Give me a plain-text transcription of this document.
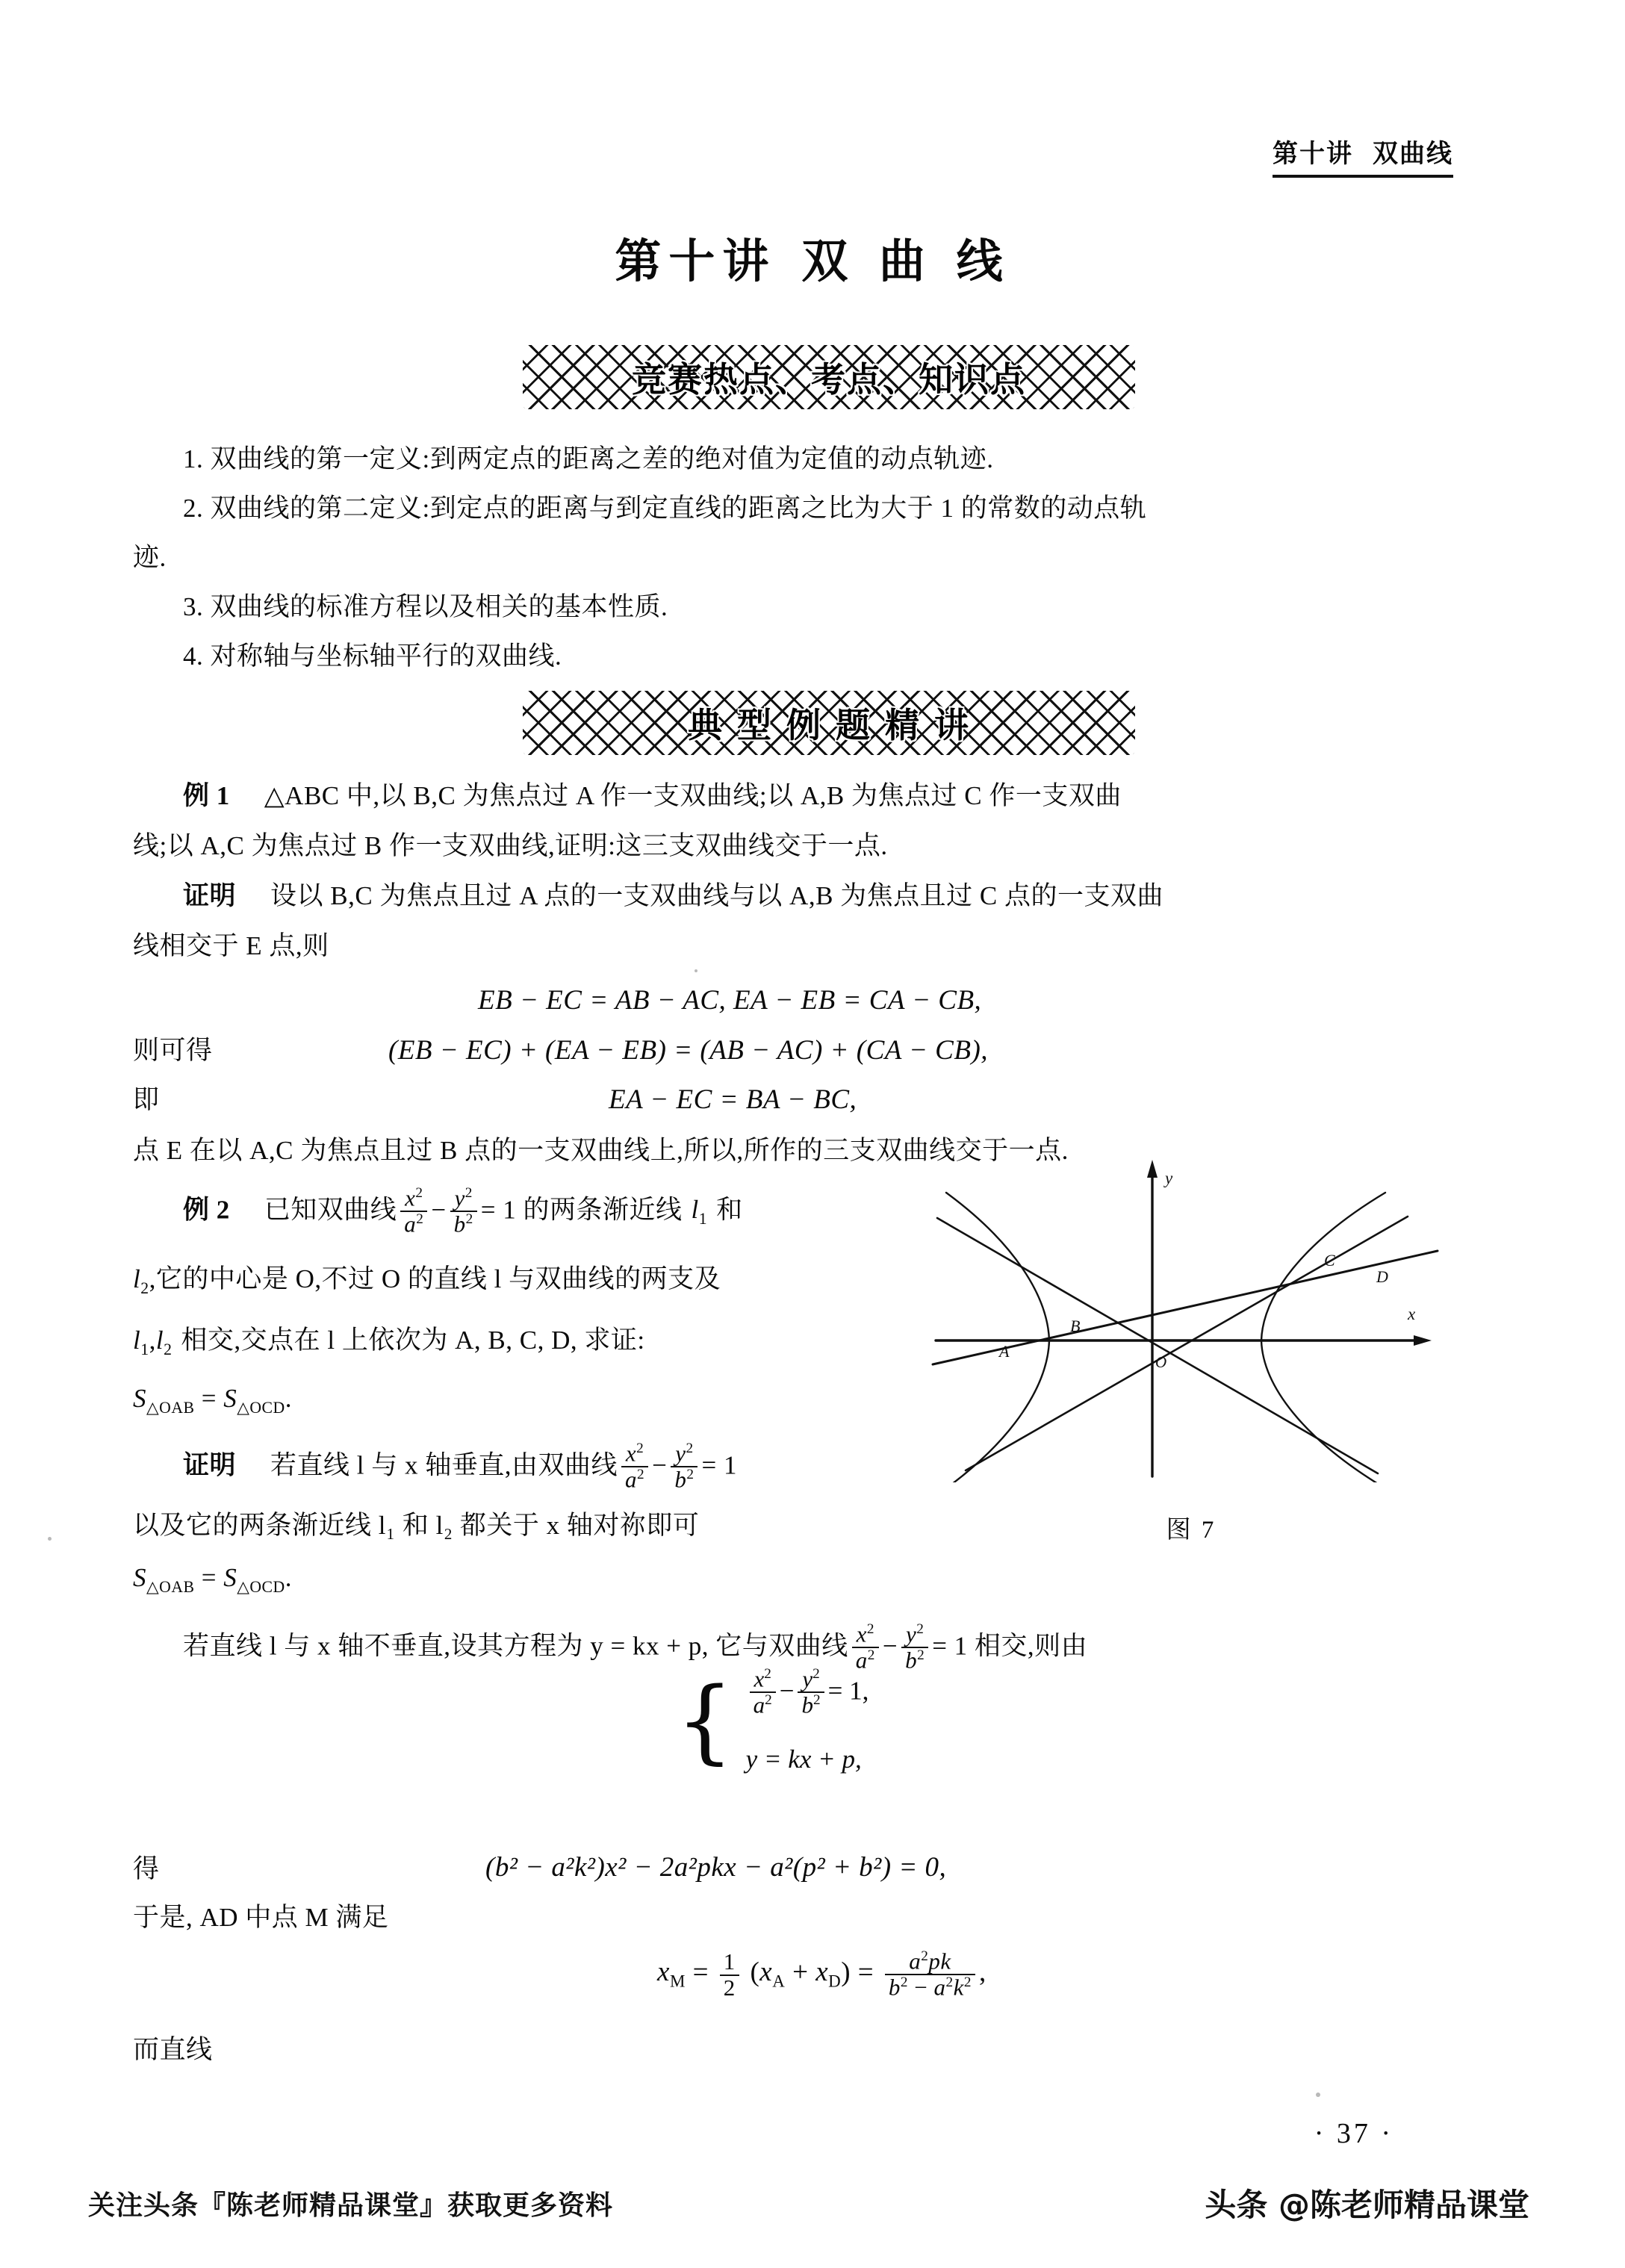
第十讲 双曲线
第十讲 双 曲 线
竞赛热点、考点、知识点
1. 双曲线的第一定义:到两定点的距离之差的绝对值为定值的动点轨迹.
2. 双曲线的第二定义:到定点的距离与到定直线的距离之比为大于 1 的常数的动点轨
迹.
3. 双曲线的标准方程以及相关的基本性质.
4. 对称轴与坐标轴平行的双曲线.
典 型 例 题 精 讲
例 1 △ABC 中,以 B,C 为焦点过 A 作一支双曲线;以 A,B 为焦点过 C 作一支双曲
线;以 A,C 为焦点过 B 作一支双曲线,证明:这三支双曲线交于一点.
证明 设以 B,C 为焦点且过 A 点的一支双曲线与以 A,B 为焦点且过 C 点的一支双曲
线相交于 E 点,则
EB − EC = AB − AC, EA − EB = CA − CB,
则可得	(EB − EC) + (EA − EB) = (AB − AC) + (CA − CB),
即	EA − EC = BA − BC,
点 E 在以 A,C 为焦点且过 B 点的一支双曲线上,所以,所作的三支双曲线交于一点.
例 2 已知双曲线 $\frac{x^2}{a^2} - \frac{y^2}{b^2} = 1$ 的两条渐近线 $l_1$ 和
$l_2$,它的中心是 O,不过 O 的直线 l 与双曲线的两支及
$l_1,l_2$ 相交,交点在 l 上依次为 A, B, C, D, 求证:
$S_{\triangle OAB} = S_{\triangle OCD}$.
证明 若直线 l 与 x 轴垂直,由双曲线 $\frac{x^2}{a^2} - \frac{y^2}{b^2} = 1$
以及它的两条渐近线 l₁ 和 l₂ 都关于 x 轴对祢即可
$S_{\triangle OAB} = S_{\triangle OCD}$.
若直线 l 与 x 轴不垂直,设其方程为 y = kx + p, 它与双曲线 $\frac{x^2}{a^2} - \frac{y^2}{b^2} = 1$ 相交,则由
{ $\frac{x^2}{a^2} - \frac{y^2}{b^2} = 1$,
y = kx + p,
得	(b² − a²k²)x² − 2a²pkx − a²(p² + b²) = 0,
于是, AD 中点 M 满足
$x_M = \frac{1}{2} (x_A + x_D) = \frac{a^2pk}{b^2 - a^2k^2}$ ,
而直线
x
y
O
A
B
C
D
图 7
· 37 ·
关注头条『陈老师精品课堂』获取更多资料	头条 @陈老师精品课堂
